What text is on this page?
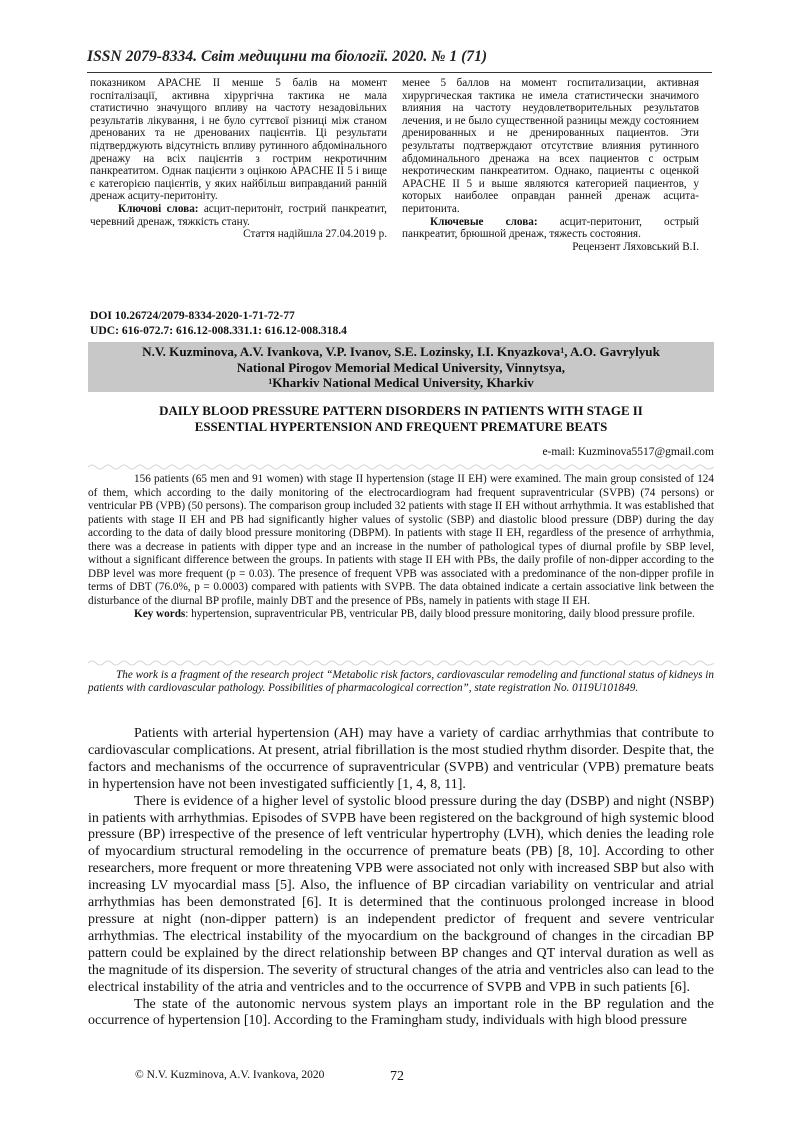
ISSN 2079-8334. Світ медицини та біології. 2020. № 1 (71)

показником APACHE II менше 5 балів на момент госпіталізації, активна хірургічна тактика не мала статистично значущого впливу на частоту незадовільних результатів лікування, і не було суттєвої різниці між станом дренованих та не дренованих пацієнтів. Ці результати підтверджують відсутність впливу рутинного абдомінального дренажу на всіх пацієнтів з гострим некротичним панкреатитом. Однак пацієнти з оцінкою APACHE II 5 і вище є категорією пацієнтів, у яких найбільш виправданий ранній дренаж асциту-перитоніту.

Ключові слова: асцит-перитоніт, гострий панкреатит, черевний дренаж, тяжкість стану.

Стаття надійшла 27.04.2019 р.

менее 5 баллов на момент госпитализации, активная хирургическая тактика не имела статистически значимого влияния на частоту неудовлетворительных результатов лечения, и не было существенной разницы между состоянием дренированных и не дренированных пациентов. Эти результаты подтверждают отсутствие влияния рутинного абдоминального дренажа на всех пациентов с острым некротическим панкреатитом. Однако, пациенты с оценкой APACHE II 5 и выше являются категорией пациентов, у которых наиболее оправдан ранней дренаж асцита-перитонита.

Ключевые слова: асцит-перитонит, острый панкреатит, брюшной дренаж, тяжесть состояния.

Рецензент Ляховський В.І.

DOI 10.26724/2079-8334-2020-1-71-72-77
UDC: 616-072.7: 616.12-008.331.1: 616.12-008.318.4
N.V. Kuzminova, A.V. Ivankova, V.P. Ivanov, S.E. Lozinsky, I.I. Knyazkova$^1$, A.O. Gavrylyuk
National Pirogov Memorial Medical University, Vinnytsya,
$^1$Kharkiv National Medical University, Kharkiv
DAILY BLOOD PRESSURE PATTERN DISORDERS IN PATIENTS WITH STAGE II
ESSENTIAL HYPERTENSION AND FREQUENT PREMATURE BEATS
e-mail: Kuzminova5517@gmail.com

156 patients (65 men and 91 women) with stage II hypertension (stage II EH) were examined. The main group consisted of 124 of them, which according to the daily monitoring of the electrocardiogram had frequent supraventricular (SVPB) (74 persons) or ventricular PB (VPB) (50 persons). The comparison group included 32 patients with stage II EH without arrhythmia. It was established that patients with stage II EH and PB had significantly higher values of systolic (SBP) and diastolic blood pressure (DBP) during the day according to the data of daily blood pressure monitoring (DBPM). In patients with stage II EH, regardless of the presence of arrhythmia, there was a decrease in patients with dipper type and an increase in the number of pathological types of diurnal profile by SBP level, without a significant difference between the groups. In patients with stage II EH with PBs, the daily profile of non-dipper according to the DBP level was more frequent (p = 0.03). The presence of frequent VPB was associated with a predominance of the non-dipper profile in terms of DBT (76.0%, p = 0.0003) compared with patients with SVPB. The data obtained indicate a certain associative link between the disturbance of the diurnal BP profile, mainly DBT and the presence of PBs, namely in patients with stage II EH.

Key words: hypertension, supraventricular PB, ventricular PB, daily blood pressure monitoring, daily blood pressure profile.

The work is a fragment of the research project “Metabolic risk factors, cardiovascular remodeling and functional status of kidneys in patients with cardiovascular pathology. Possibilities of pharmacological correction”, state registration No. 0119U101849.

Patients with arterial hypertension (AH) may have a variety of cardiac arrhythmias that contribute to cardiovascular complications. At present, atrial fibrillation is the most studied rhythm disorder. Despite that, the factors and mechanisms of the occurrence of supraventricular (SVPB) and ventricular (VPB) premature beats in hypertension have not been investigated sufficiently [1, 4, 8, 11].

There is evidence of a higher level of systolic blood pressure during the day (DSBP) and night (NSBP) in patients with arrhythmias. Episodes of SVPB have been registered on the background of high systemic blood pressure (BP) irrespective of the presence of left ventricular hypertrophy (LVH), which denies the leading role of myocardium structural remodeling in the occurrence of premature beats (PB) [8, 10]. According to other researchers, more frequent or more threatening VPB were associated not only with increased SBP but also with increasing LV myocardial mass [5]. Also, the influence of BP circadian variability on ventricular and atrial arrhythmias has been demonstrated [6]. It is determined that the continuous prolonged increase in blood pressure at night (non-dipper pattern) is an independent predictor of frequent and severe ventricular arrhythmias. The electrical instability of the myocardium on the background of changes in the circadian BP pattern could be explained by the direct relationship between BP changes and QT interval duration as well as the magnitude of its dispersion. The severity of structural changes of the atria and ventricles also can lead to the electrical instability of the atria and ventricles and to the occurrence of SVPB and VPB in such patients [6].

The state of the autonomic nervous system plays an important role in the BP regulation and the occurrence of hypertension [10]. According to the Framingham study, individuals with high blood pressure

© N.V. Kuzminova, A.V. Ivankova, 2020	72
